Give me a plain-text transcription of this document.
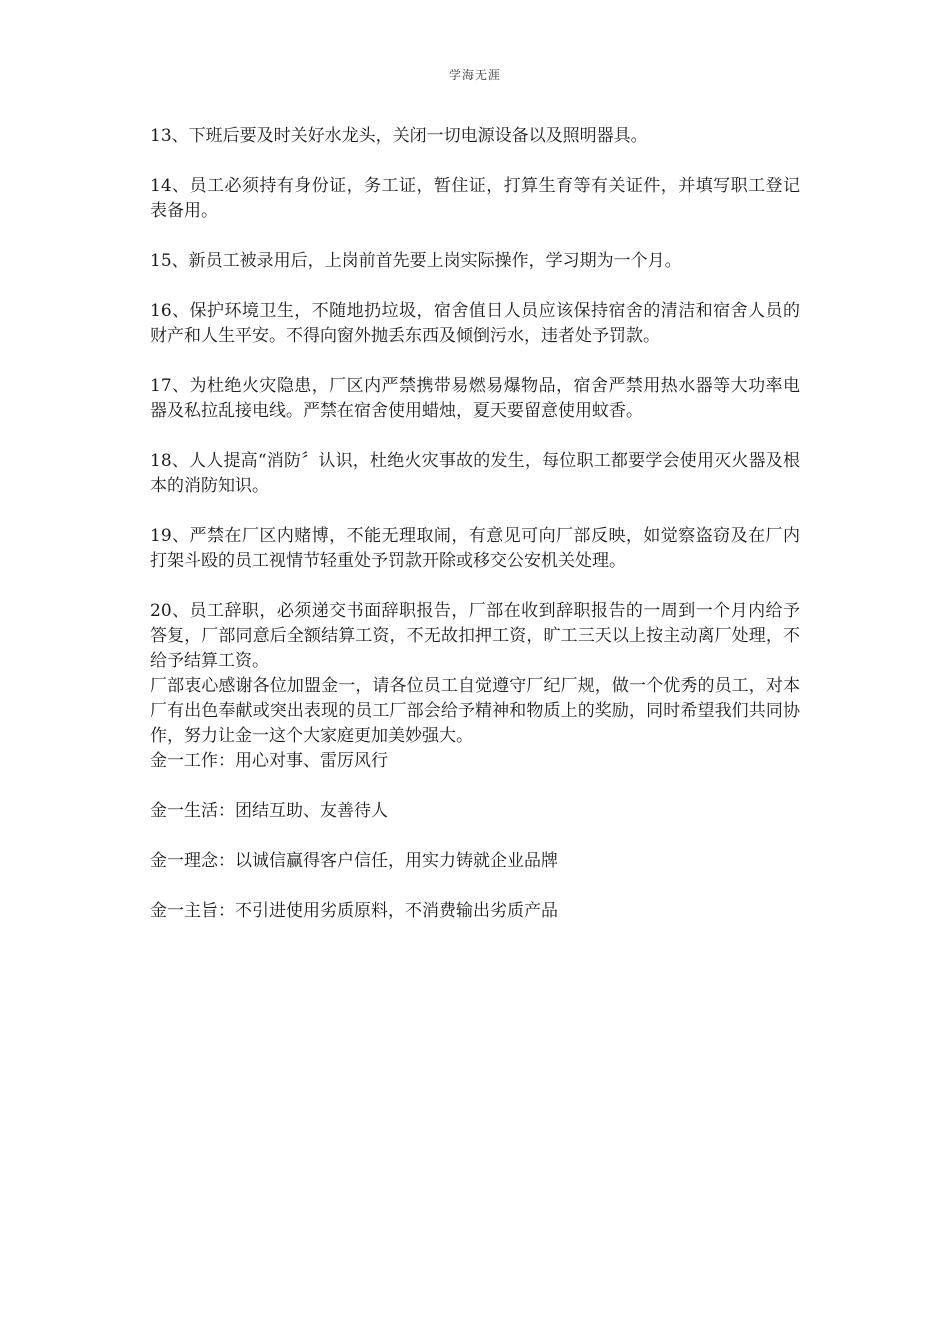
学海无涯

13、下班后要及时关好水龙头，关闭一切电源设备以及照明器具。

14、员工必须持有身份证，务工证，暂住证，打算生育等有关证件，并填写职工登记表备用。

15、新员工被录用后，上岗前首先要上岗实际操作，学习期为一个月。

16、保护环境卫生，不随地扔垃圾，宿舍值日人员应该保持宿舍的清洁和宿舍人员的财产和人生平安。不得向窗外抛丢东西及倾倒污水，违者处予罚款。

17、为杜绝火灾隐患，厂区内严禁携带易燃易爆物品，宿舍严禁用热水器等大功率电器及私拉乱接电线。严禁在宿舍使用蜡烛，夏天要留意使用蚊香。

18、人人提高“消防〞认识，杜绝火灾事故的发生，每位职工都要学会使用灭火器及根本的消防知识。

19、严禁在厂区内赌博，不能无理取闹，有意见可向厂部反映，如觉察盗窃及在厂内打架斗殴的员工视情节轻重处予罚款开除或移交公安机关处理。

20、员工辞职，必须递交书面辞职报告，厂部在收到辞职报告的一周到一个月内给予答复，厂部同意后全额结算工资，不无故扣押工资，旷工三天以上按主动离厂处理，不给予结算工资。

厂部衷心感谢各位加盟金一，请各位员工自觉遵守厂纪厂规，做一个优秀的员工，对本厂有出色奉献或突出表现的员工厂部会给予精神和物质上的奖励，同时希望我们共同协作，努力让金一这个大家庭更加美妙强大。

金一工作：用心对事、雷厉风行

金一生活：团结互助、友善待人

金一理念：以诚信赢得客户信任，用实力铸就企业品牌

金一主旨：不引进使用劣质原料，不消费输出劣质产品
